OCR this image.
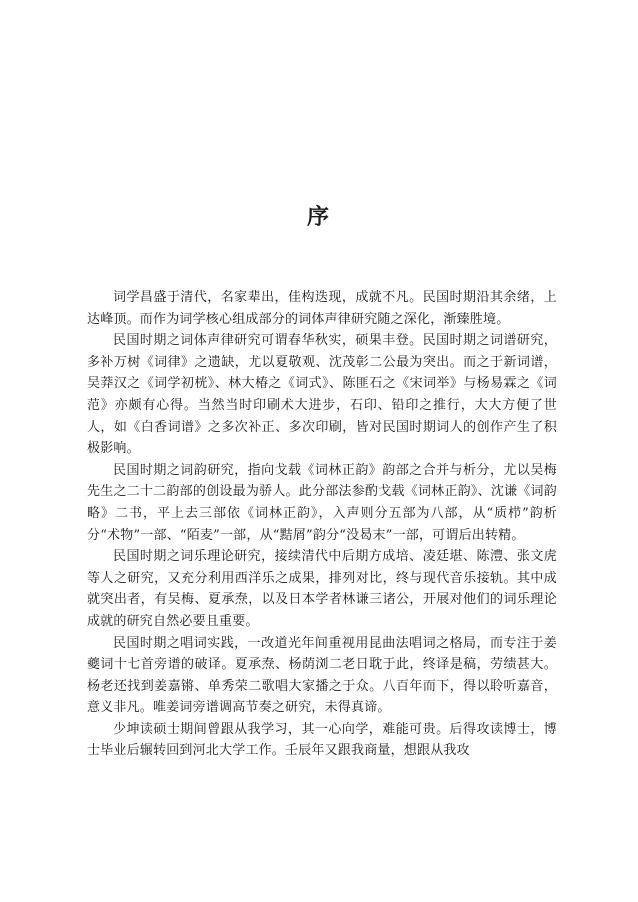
序

词学昌盛于清代，名家辈出，佳构迭现，成就不凡。民国时期沿其余绪，上达峰顶。而作为词学核心组成部分的词体声律研究随之深化，渐臻胜境。

民国时期之词体声律研究可谓春华秋实，硕果丰登。民国时期之词谱研究，多补万树《词律》之遗缺，尤以夏敬观、沈茂彰二公最为突出。而之于新词谱，吴莽汉之《词学初桄》、林大椿之《词式》、陈匪石之《宋词举》与杨易霖之《词范》亦颇有心得。当然当时印刷术大进步，石印、铅印之推行，大大方便了世人，如《白香词谱》之多次补正、多次印刷，皆对民国时期词人的创作产生了积极影响。

民国时期之词韵研究，指向戈载《词林正韵》韵部之合并与析分，尤以吴梅先生之二十二韵部的创设最为骄人。此分部法参酌戈载《词林正韵》、沈谦《词韵略》二书，平上去三部依《词林正韵》，入声则分五部为八部，从“质栉”韵析分“术物”一部、“陌麦”一部，从“黠屑”韵分“没曷末”一部，可谓后出转精。

民国时期之词乐理论研究，接续清代中后期方成培、凌廷堪、陈澧、张文虎等人之研究，又充分利用西洋乐之成果，排列对比，终与现代音乐接轨。其中成就突出者，有吴梅、夏承焘，以及日本学者林谦三诸公，开展对他们的词乐理论成就的研究自然必要且重要。

民国时期之唱词实践，一改道光年间重视用昆曲法唱词之格局，而专注于姜夔词十七首旁谱的破译。夏承焘、杨荫浏二老日耽于此，终译是稿，劳绩甚大。杨老还找到姜嘉锵、单秀荣二歌唱大家播之于众。八百年而下，得以聆听嘉音，意义非凡。唯姜词旁谱调高节奏之研究，未得真谛。

少坤读硕士期间曾跟从我学习，其一心向学，难能可贵。后得攻读博士，博士毕业后辗转回到河北大学工作。壬辰年又跟我商量，想跟从我攻
